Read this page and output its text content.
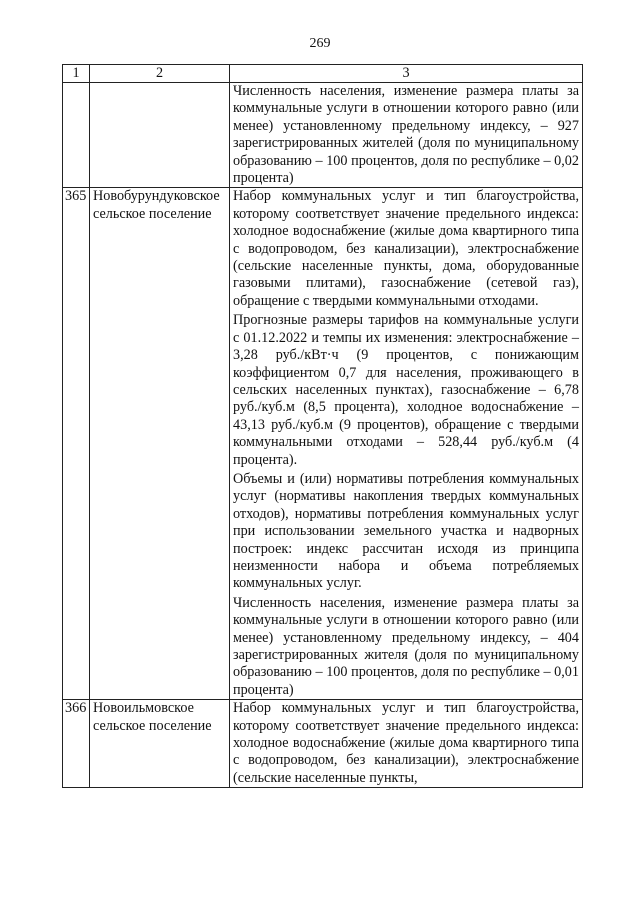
269
1	2	3

		Численность населения, изменение размера платы за коммунальные услуги в отношении которого равно (или менее) установленному предельному индексу, – 927 зарегистрированных жителей (доля по муниципальному образованию – 100 процентов, доля по республике – 0,02 процента)

365	Новобурундуковское сельское поселение	Набор коммунальных услуг и тип благоустройства, которому соответствует значение предельного индекса: холодное водоснабжение (жилые дома квартирного типа с водопроводом, без канализации), электроснабжение (сельские населенные пункты, дома, оборудованные газовыми плитами), газоснабжение (сетевой газ), обращение с твердыми коммунальными отходами.

Прогнозные размеры тарифов на коммунальные услуги с 01.12.2022 и темпы их изменения: электроснабжение – 3,28 руб./кВт·ч (9 процентов, с понижающим коэффициентом 0,7 для населения, проживающего в сельских населенных пунктах), газоснабжение – 6,78 руб./куб.м (8,5 процента), холодное водоснабжение – 43,13 руб./куб.м (9 процентов), обращение с твердыми коммунальными отходами – 528,44 руб./куб.м (4 процента).

Объемы и (или) нормативы потребления коммунальных услуг (нормативы накопления твердых коммунальных отходов), нормативы потребления коммунальных услуг при использовании земельного участка и надворных построек: индекс рассчитан исходя из принципа неизменности набора и объема потребляемых коммунальных услуг.

Численность населения, изменение размера платы за коммунальные услуги в отношении которого равно (или менее) установленному предельному индексу, – 404 зарегистрированных жителя (доля по муниципальному образованию – 100 процентов, доля по республике – 0,01 процента)

366	Новоильмовское сельское поселение	Набор коммунальных услуг и тип благоустройства, которому соответствует значение предельного индекса: холодное водоснабжение (жилые дома квартирного типа с водопроводом, без канализации), электроснабжение (сельские населенные пункты,
